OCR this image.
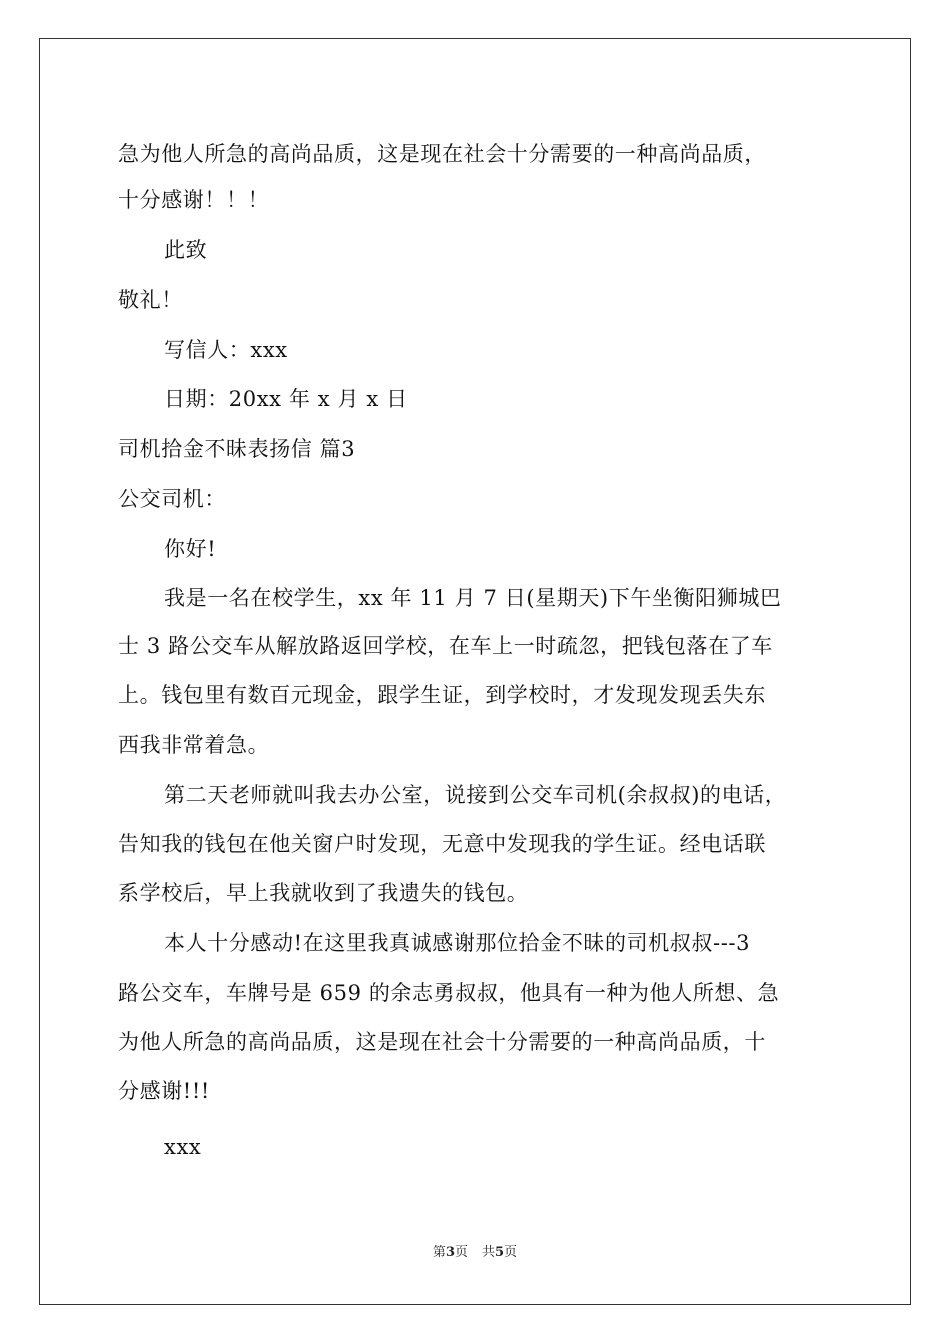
急为他人所急的高尚品质，这是现在社会十分需要的一种高尚品质，
十分感谢！！！
此致
敬礼！
写信人：xxx
日期：20xx 年 x 月 x 日
司机拾金不昧表扬信 篇3
公交司机：
你好!
我是一名在校学生，xx 年 11 月 7 日(星期天)下午坐衡阳狮城巴
士 3 路公交车从解放路返回学校，在车上一时疏忽，把钱包落在了车
上。钱包里有数百元现金，跟学生证，到学校时，才发现发现丢失东
西我非常着急。
第二天老师就叫我去办公室，说接到公交车司机(余叔叔)的电话，
告知我的钱包在他关窗户时发现，无意中发现我的学生证。经电话联
系学校后，早上我就收到了我遗失的钱包。
本人十分感动!在这里我真诚感谢那位拾金不昧的司机叔叔---3
路公交车，车牌号是 659 的余志勇叔叔，他具有一种为他人所想、急
为他人所急的高尚品质，这是现在社会十分需要的一种高尚品质，十
分感谢!!!
xxx
第3页 共5页
